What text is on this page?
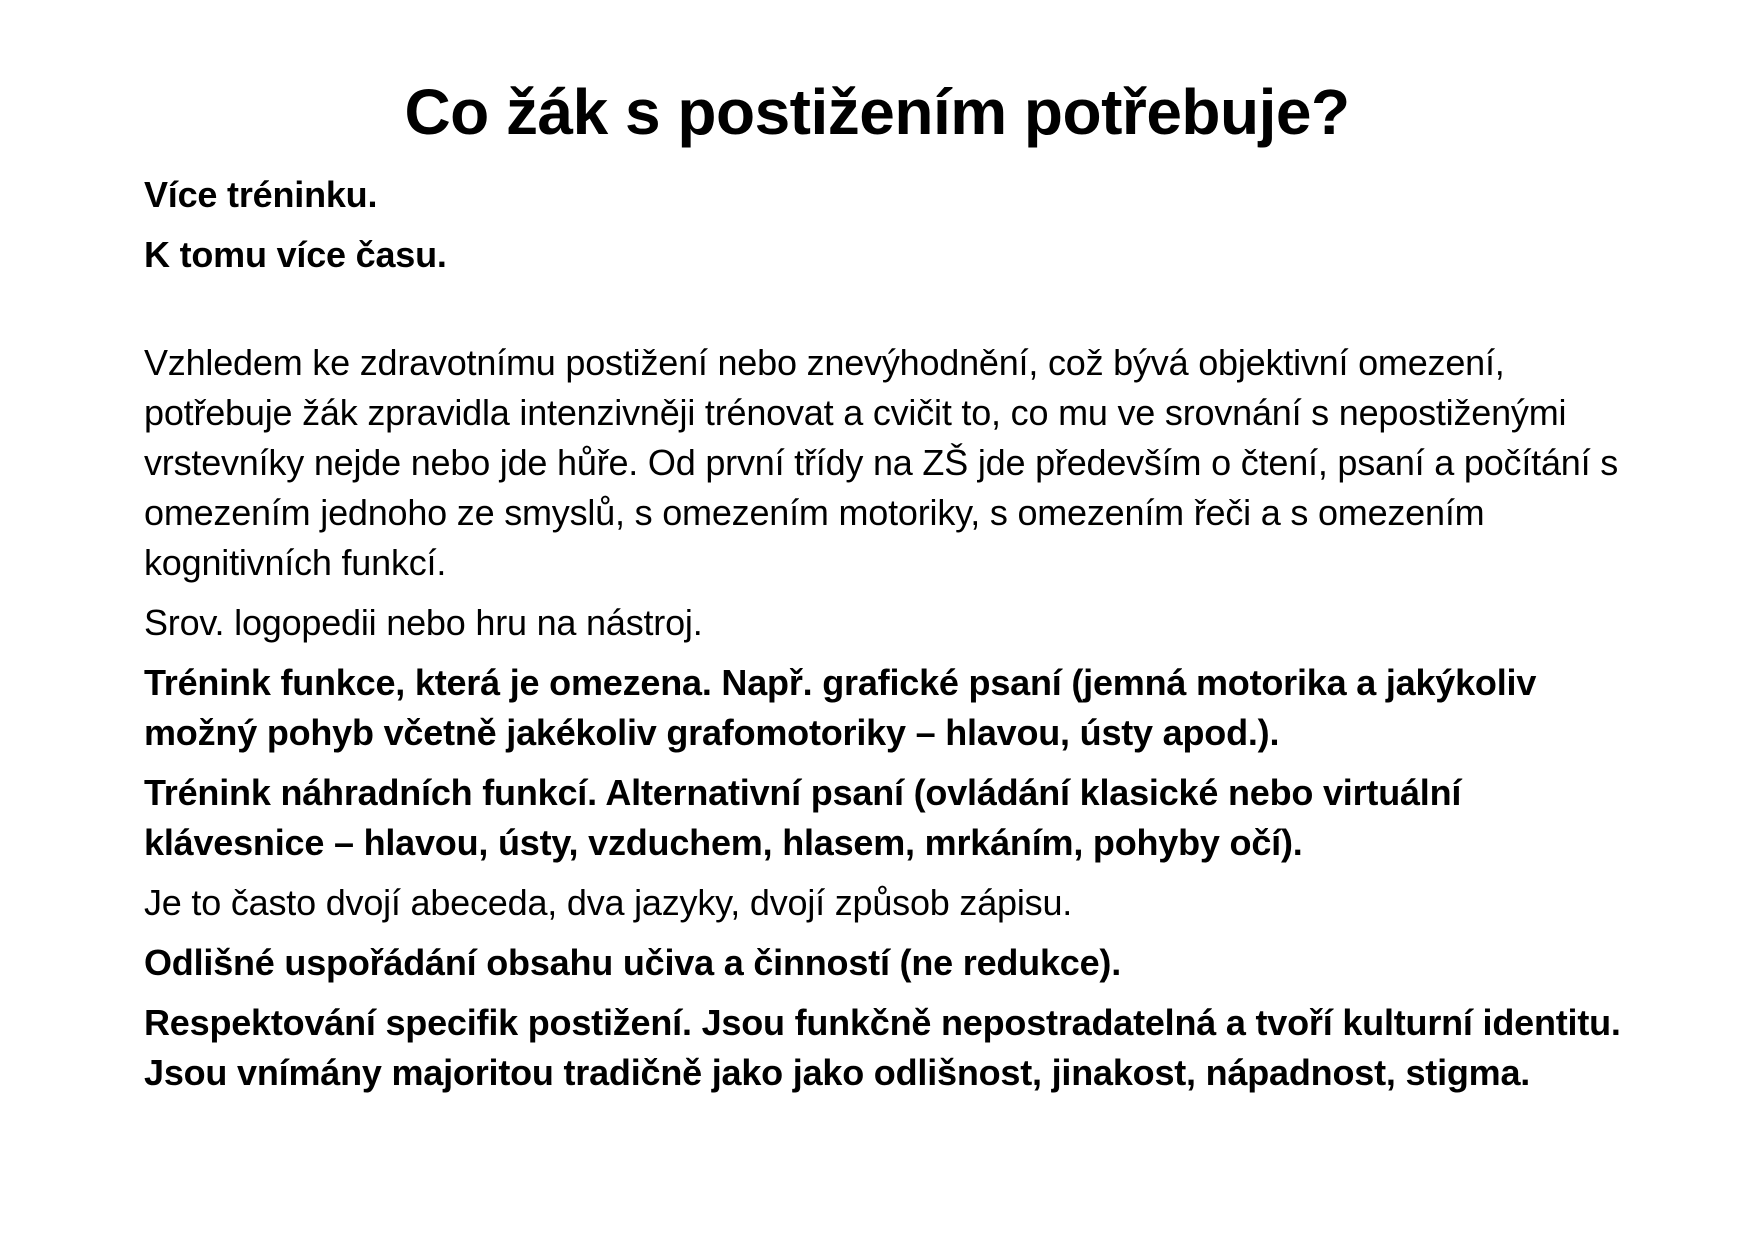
Co žák s postižením potřebuje?

Více tréninku.

K tomu více času.

Vzhledem ke zdravotnímu postižení nebo znevýhodnění, což bývá objektivní omezení, potřebuje žák zpravidla intenzivněji trénovat a cvičit to, co mu ve srovnání s nepostiženými vrstevníky nejde nebo jde hůře. Od první třídy na ZŠ jde především o čtení, psaní a počítání s omezením jednoho ze smyslů, s omezením motoriky, s omezením řeči a s omezením kognitivních funkcí.

Srov. logopedii nebo hru na nástroj.

Trénink funkce, která je omezena. Např. grafické psaní (jemná motorika a jakýkoliv možný pohyb včetně jakékoliv grafomotoriky – hlavou, ústy apod.).

Trénink náhradních funkcí. Alternativní psaní (ovládání klasické nebo virtuální klávesnice – hlavou, ústy, vzduchem, hlasem, mrkáním, pohyby očí).

Je to často dvojí abeceda, dva jazyky, dvojí způsob zápisu.

Odlišné uspořádání obsahu učiva a činností (ne redukce).

Respektování specifik postižení. Jsou funkčně nepostradatelná a tvoří kulturní identitu. Jsou vnímány majoritou tradičně jako jako odlišnost, jinakost, nápadnost, stigma.
